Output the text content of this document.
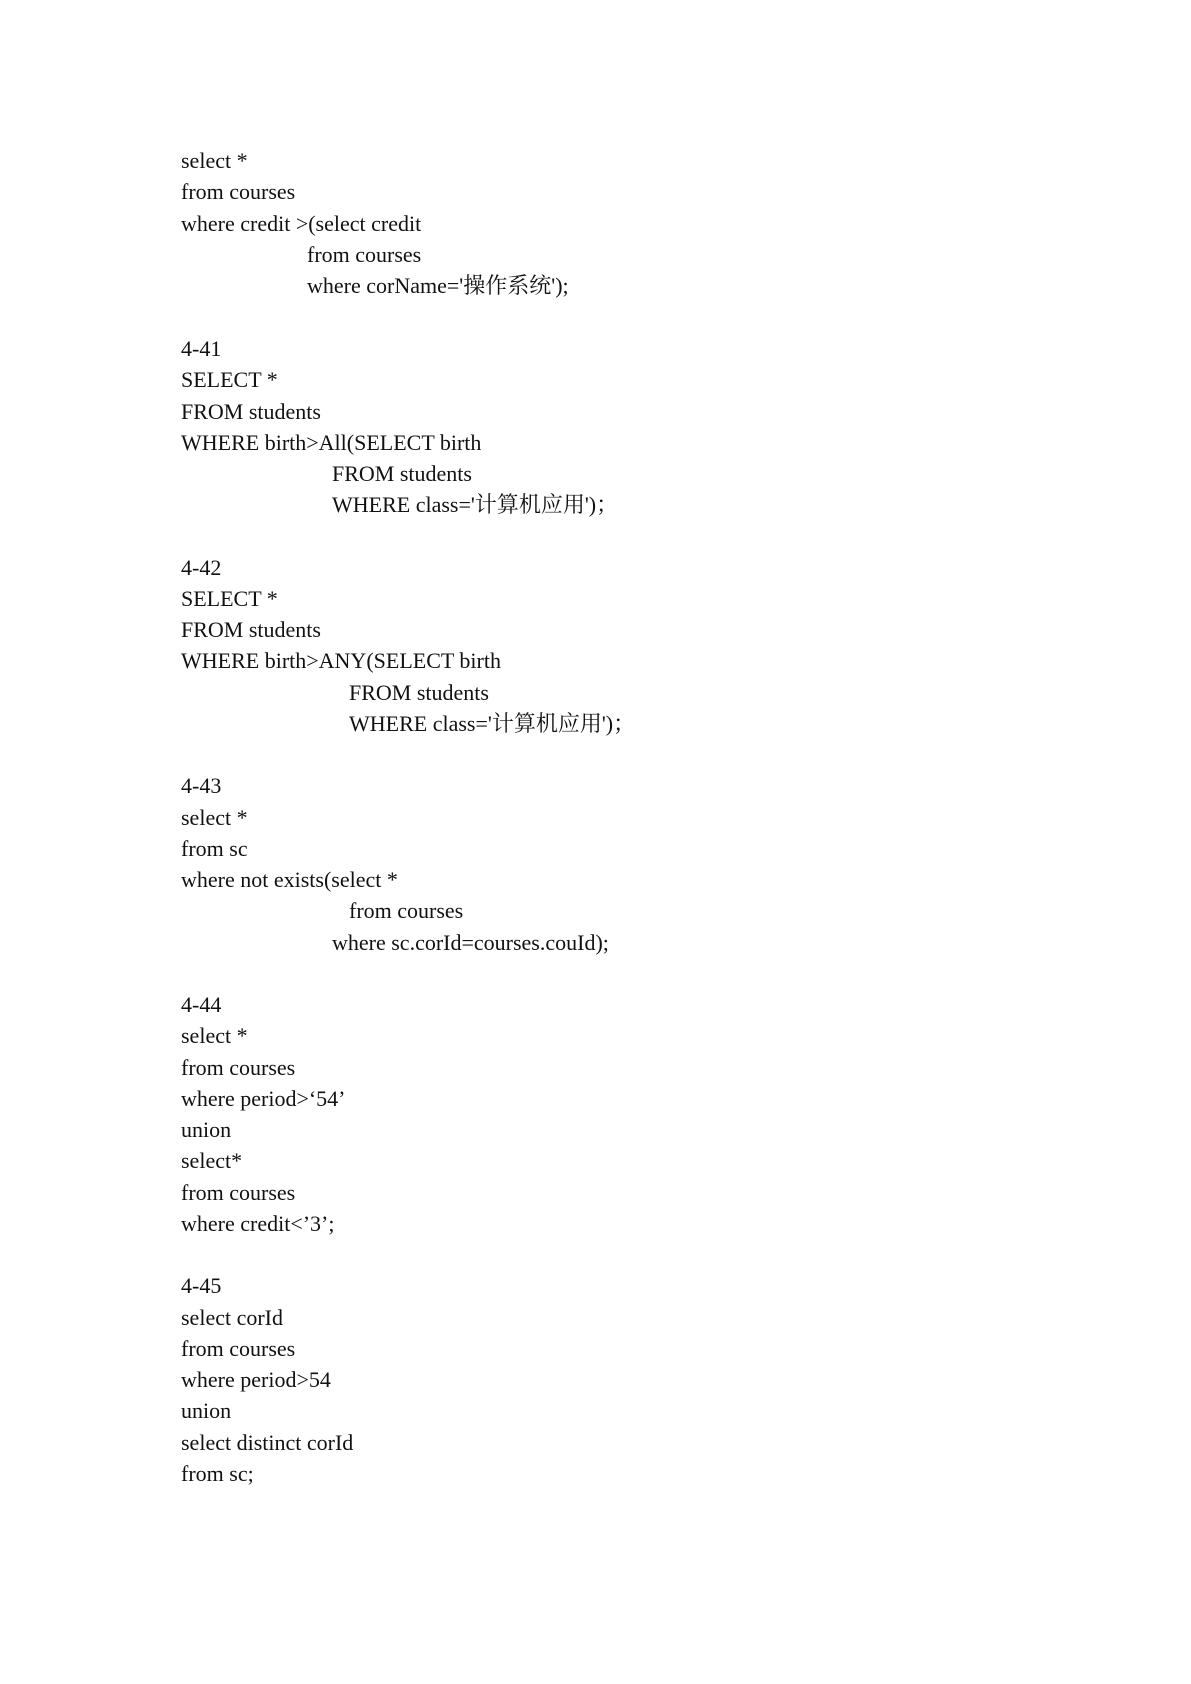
select *
from courses
where credit >(select credit
from courses
where corName='操作系统');
4-41
SELECT *
FROM students
WHERE birth>All(SELECT birth
FROM students
WHERE class='计算机应用')；
4-42
SELECT *
FROM students
WHERE birth>ANY(SELECT birth
FROM students
WHERE class='计算机应用')；
4-43
select *
from sc
where not exists(select *
from courses
where sc.corId=courses.couId);
4-44
select *
from courses
where period>‘54’
union
select*
from courses
where credit<’3’;
4-45
select corId
from courses
where period>54
union
select distinct corId
from sc;
